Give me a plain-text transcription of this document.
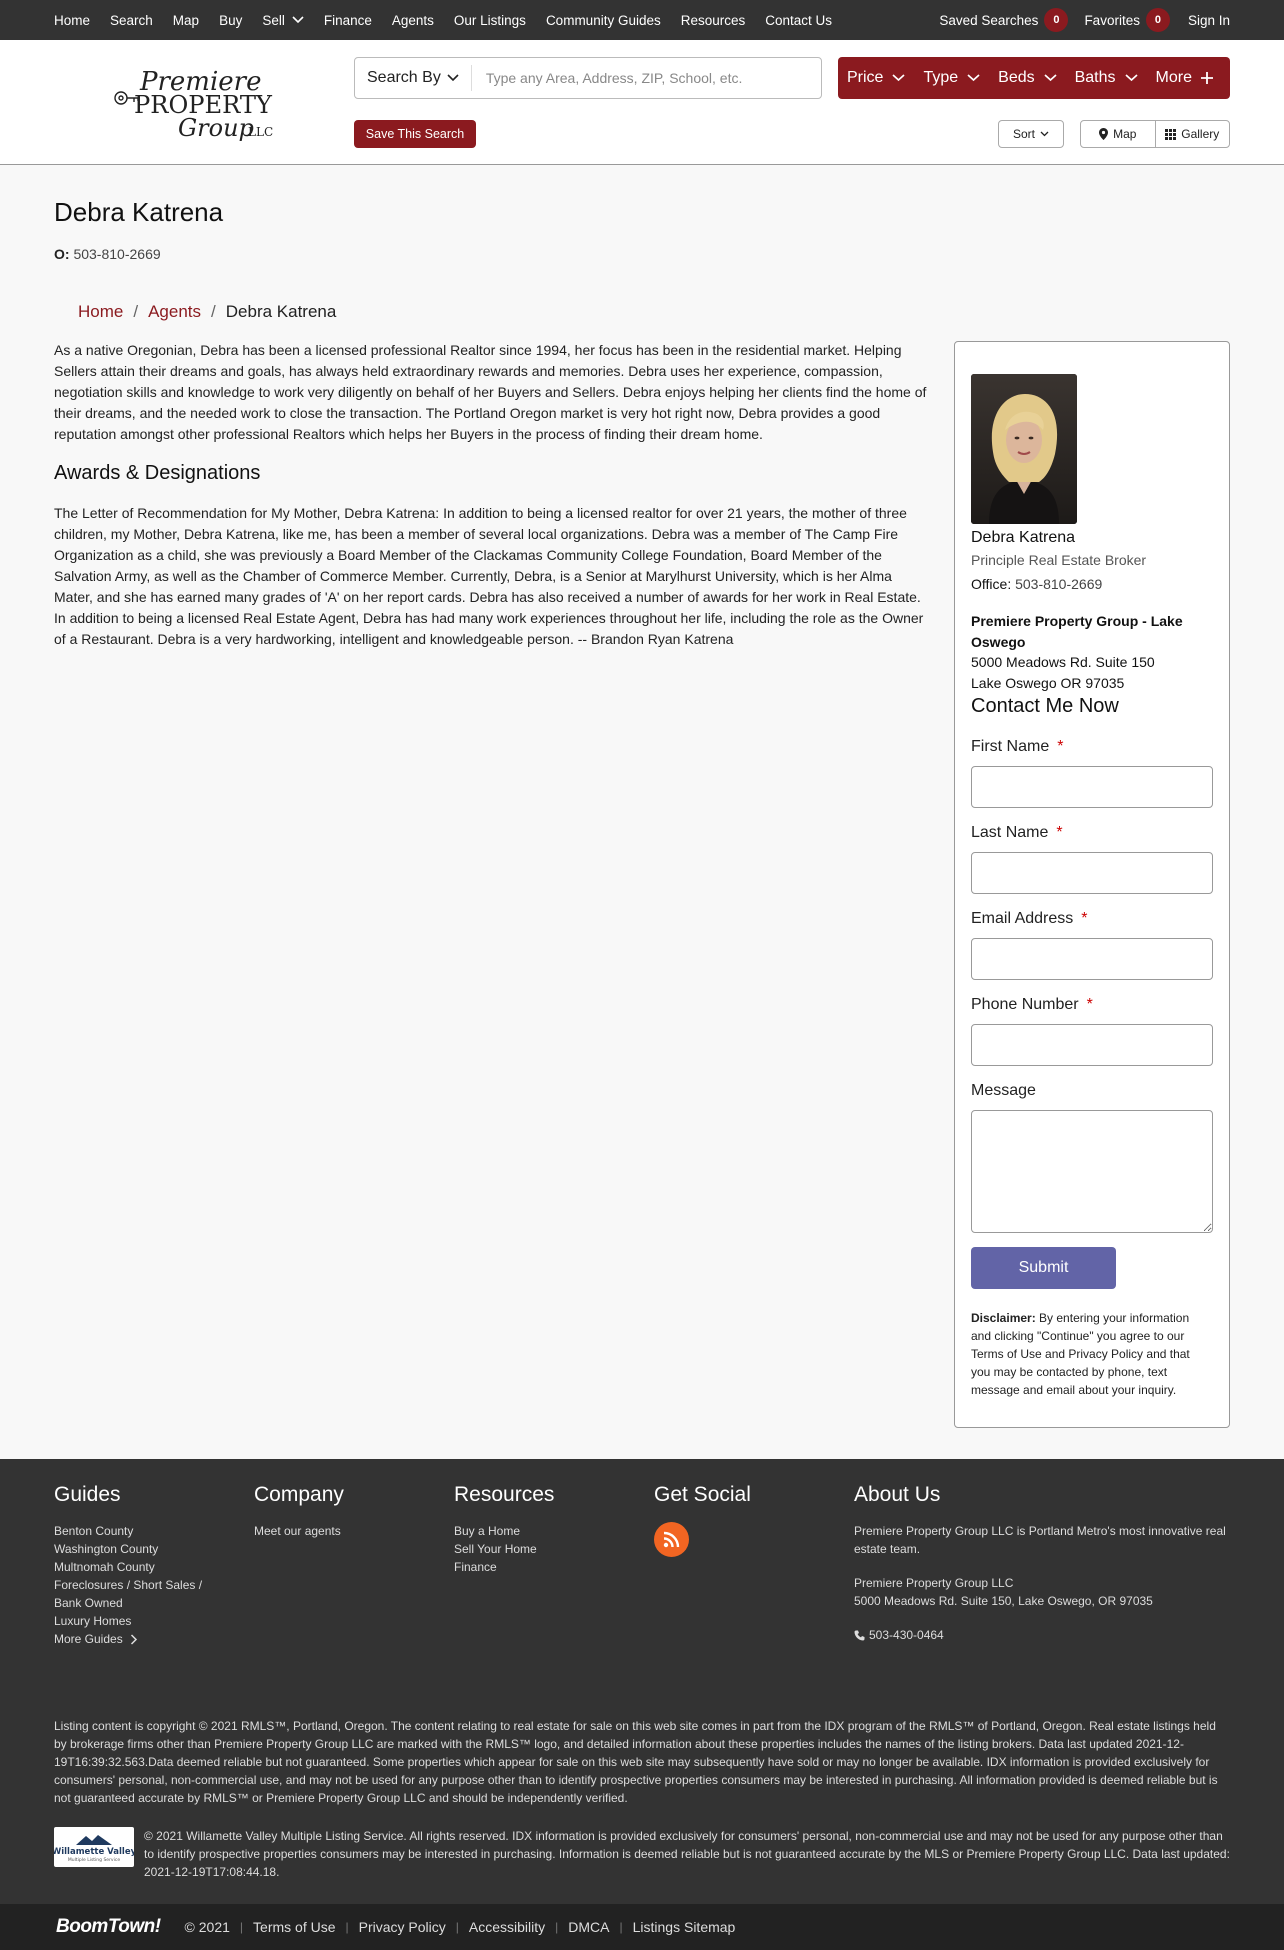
Home Search Map Buy Sell	Finance Agents Our Listings Community Guides Resources Contact Us	Saved Searches	0	Favorites	0	Sign In
Premiere
PROPERTY
Group
LLC
Search By
Type any Area, Address, ZIP, School, etc.	Price	Type	Beds	Baths	More
Save This Search	Sort	Map	Gallery
Debra Katrena
O: 503-810-2669
Home / Agents / Debra Katrena

As a native Oregonian, Debra has been a licensed professional Realtor since 1994, her focus has been in the residential market. Helping Sellers attain their dreams and goals, has always held extraordinary rewards and memories. Debra uses her experience, compassion, negotiation skills and knowledge to work very diligently on behalf of her Buyers and Sellers. Debra enjoys helping her clients find the home of their dreams, and the needed work to close the transaction. The Portland Oregon market is very hot right now, Debra provides a good reputation amongst other professional Realtors which helps her Buyers in the process of finding their dream home.

Awards & Designations

The Letter of Recommendation for My Mother, Debra Katrena: In addition to being a licensed realtor for over 21 years, the mother of three children, my Mother, Debra Katrena, like me, has been a member of several local organizations. Debra was a member of The Camp Fire Organization as a child, she was previously a Board Member of the Clackamas Community College Foundation, Board Member of the Salvation Army, as well as the Chamber of Commerce Member. Currently, Debra, is a Senior at Marylhurst University, which is her Alma Mater, and she has earned many grades of 'A' on her report cards. Debra has also received a number of awards for her work in Real Estate. In addition to being a licensed Real Estate Agent, Debra has had many work experiences throughout her life, including the role as the Owner of a Restaurant. Debra is a very hardworking, intelligent and knowledgeable person. -- Brandon Ryan Katrena

Debra Katrena
Principle Real Estate Broker
Office: 503-810-2669
Premiere Property Group - Lake Oswego
5000 Meadows Rd. Suite 150
Lake Oswego OR 97035
Contact Me Now
First Name *
Last Name *
Email Address *
Phone Number *
Message
Submit
Disclaimer: By entering your information and clicking "Continue" you agree to our Terms of Use and Privacy Policy and that you may be contacted by phone, text message and email about your inquiry.
Guides
Benton County
Washington County
Multnomah County
Foreclosures / Short Sales /
Bank Owned
Luxury Homes
More Guides
Company
Meet our agents
Resources
Buy a Home
Sell Your Home
Finance
Get Social	About Us

Premiere Property Group LLC is Portland Metro's most innovative real estate team.

Premiere Property Group LLC
5000 Meadows Rd. Suite 150, Lake Oswego, OR 97035

503-430-0464

Listing content is copyright © 2021 RMLS™, Portland, Oregon. The content relating to real estate for sale on this web site comes in part from the IDX program of the RMLS™ of Portland, Oregon. Real estate listings held by brokerage firms other than Premiere Property Group LLC are marked with the RMLS™ logo, and detailed information about these properties includes the names of the listing brokers. Data last updated 2021-12-19T16:39:32.563.Data deemed reliable but not guaranteed. Some properties which appear for sale on this web site may subsequently have sold or may no longer be available. IDX information is provided exclusively for consumers' personal, non-commercial use, and may not be used for any purpose other than to identify prospective properties consumers may be interested in purchasing. All information provided is deemed reliable but is not guaranteed accurate by RMLS™ or Premiere Property Group LLC and should be independently verified.

Willamette Valley
Multiple Listing Service

© 2021 Willamette Valley Multiple Listing Service. All rights reserved. IDX information is provided exclusively for consumers' personal, non-commercial use and may not be used for any purpose other than to identify prospective properties consumers may be interested in purchasing. Information is deemed reliable but is not guaranteed accurate by the MLS or Premiere Property Group LLC. Data last updated: 2021-12-19T17:08:44.18.

BoomTown! © 2021 | Terms of Use | Privacy Policy | Accessibility | DMCA | Listings Sitemap
